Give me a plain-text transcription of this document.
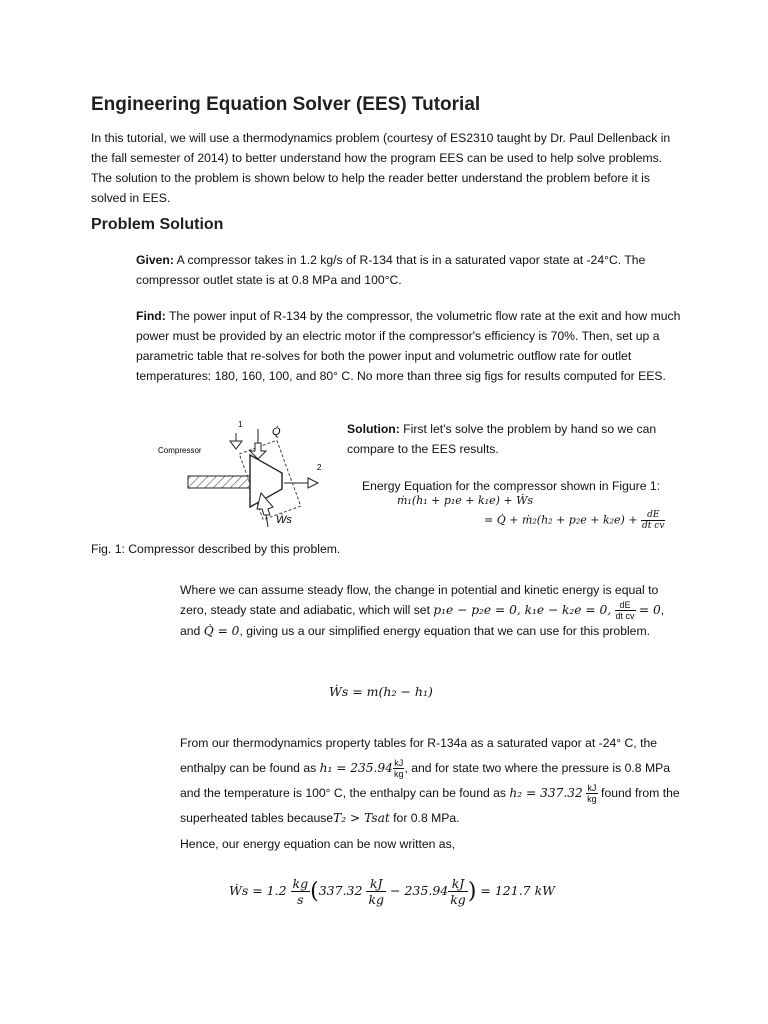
Engineering Equation Solver (EES) Tutorial

In this tutorial, we will use a thermodynamics problem (courtesy of ES2310 taught by Dr. Paul Dellenback in the fall semester of 2014) to better understand how the program EES can be used to help solve problems. The solution to the problem is shown below to help the reader better understand the problem before it is solved in EES.

Problem Solution

Given: A compressor takes in 1.2 kg/s of R-134 that is in a saturated vapor state at -24°C. The compressor outlet state is at 0.8 MPa and 100°C.

Find: The power input of R-134 by the compressor, the volumetric flow rate at the exit and how much power must be provided by an electric motor if the compressor's efficiency is 70%. Then, set up a parametric table that re-solves for both the power input and volumetric outflow rate for outlet temperatures: 180, 160, 100, and 80° C. No more than three sig figs for results computed for EES.

Compressor
1
2
Q̇
Ẇs

Solution: First let's solve the problem by hand so we can compare to the EES results.

Energy Equation for the compressor shown in Figure 1:

ṁ₁(h₁ + p₁e + k₁e) + Ẇs
= Q̇ + ṁ₂(h₂ + $p_2e + k_2e) + \frac{dE}{\text{dt cv}}$
Fig. 1: Compressor described by this problem.

Where we can assume steady flow, the change in potential and kinetic energy is equal to zero, steady state and adiabatic, which will set p₁e − p₂e = 0, k₁e − k₂e = 0, $\frac{dE}{\text{dt cv}} = 0$, and Q̇ = 0, giving us a our simplified energy equation that we can use for this problem.

Ẇs = m(h₂ − h₁)

From our thermodynamics property tables for R-134a as a saturated vapor at -24° C, the enthalpy can be found as $h_1 = 235.94 \frac{kJ}{kg}$ , and for state two where the pressure is 0.8 MPa and the temperature is 100° C, the enthalpy can be found as $h_2 = 337.32 \frac{kJ}{kg}$ found from the superheated tables becauseT₂ > Tsat for 0.8 MPa.

Hence, our energy equation can be now written as,

Ẇs = $1.2 \frac{kg}{s} (337.32 \frac{kJ}{kg} - 235.94 \frac{kJ}{kg}$ ) = 121.7 kW
